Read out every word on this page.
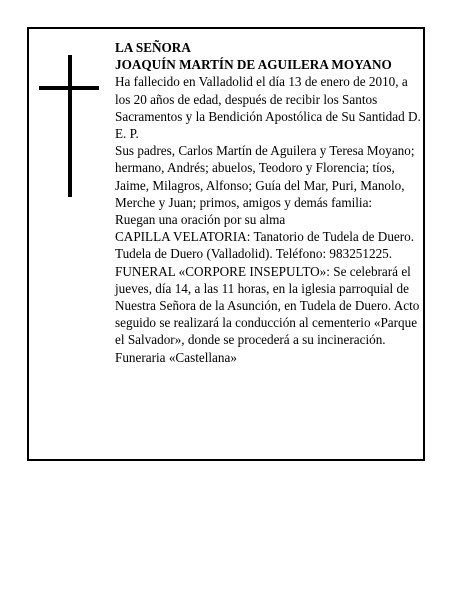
LA SEÑORA

JOAQUÍN MARTÍN DE AGUILERA MOYANO

Ha fallecido en Valladolid el día 13 de enero de 2010, a los 20 años de edad, después de recibir los Santos Sacramentos y la Bendición Apostólica de Su Santidad D. E. P.

Sus padres, Carlos Martín de Aguilera y Teresa Moyano; hermano, Andrés; abuelos, Teodoro y Florencia; tíos, Jaime, Milagros, Alfonso; Guía del Mar, Puri, Manolo, Merche y Juan; primos, amigos y demás familia:

Ruegan una oración por su alma

CAPILLA VELATORIA: Tanatorio de Tudela de Duero. Tudela de Duero (Valladolid). Teléfono: 983251225.

FUNERAL «CORPORE INSEPULTO»: Se celebrará el jueves, día 14, a las 11 horas, en la iglesia parroquial de Nuestra Señora de la Asunción, en Tudela de Duero. Acto seguido se realizará la conducción al cementerio «Parque el Salvador», donde se procederá a su incineración.

Funeraria «Castellana»
